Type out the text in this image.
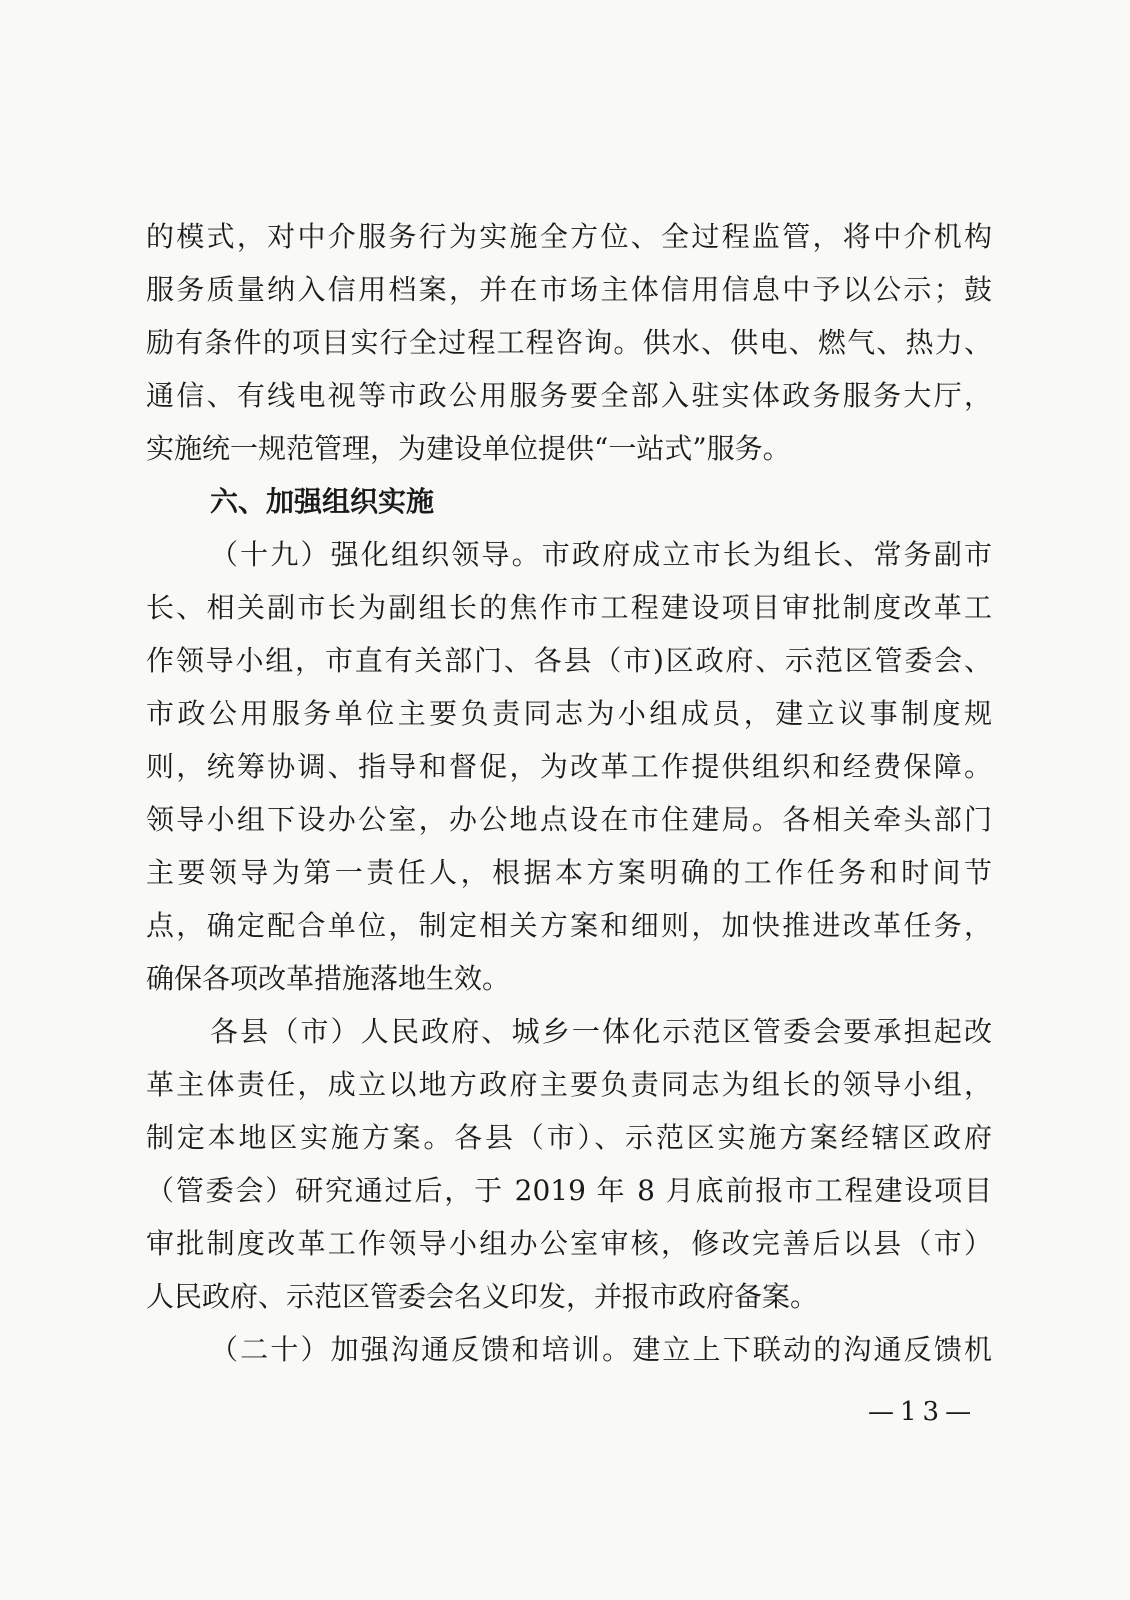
的模式，对中介服务行为实施全方位、全过程监管，将中介机构
服务质量纳入信用档案，并在市场主体信用信息中予以公示；鼓
励有条件的项目实行全过程工程咨询。供水、供电、燃气、热力、
通信、有线电视等市政公用服务要全部入驻实体政务服务大厅，
实施统一规范管理，为建设单位提供“一站式”服务。
六、加强组织实施
（十九）强化组织领导。市政府成立市长为组长、常务副市
长、相关副市长为副组长的焦作市工程建设项目审批制度改革工
作领导小组，市直有关部门、各县（市)区政府、示范区管委会、
市政公用服务单位主要负责同志为小组成员，建立议事制度规
则，统筹协调、指导和督促，为改革工作提供组织和经费保障。
领导小组下设办公室，办公地点设在市住建局。各相关牵头部门
主要领导为第一责任人，根据本方案明确的工作任务和时间节
点，确定配合单位，制定相关方案和细则，加快推进改革任务，
确保各项改革措施落地生效。
各县（市）人民政府、城乡一体化示范区管委会要承担起改
革主体责任，成立以地方政府主要负责同志为组长的领导小组，
制定本地区实施方案。各县（市）、示范区实施方案经辖区政府
（管委会）研究通过后，于 2019 年 8 月底前报市工程建设项目
审批制度改革工作领导小组办公室审核，修改完善后以县（市）
人民政府、示范区管委会名义印发，并报市政府备案。
（二十）加强沟通反馈和培训。建立上下联动的沟通反馈机
—13—
